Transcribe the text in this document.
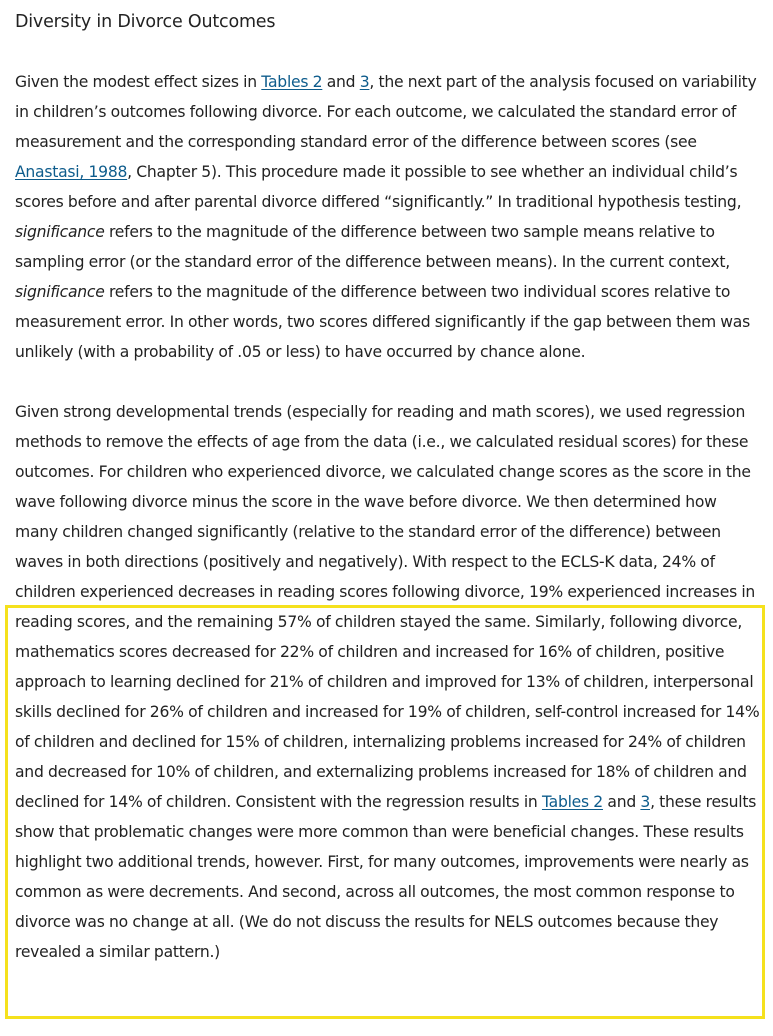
Diversity in Divorce Outcomes

Given the modest effect sizes in Tables 2 and 3, the next part of the analysis focused on variability in children’s outcomes following divorce. For each outcome, we calculated the standard error of measurement and the corresponding standard error of the difference between scores (see Anastasi, 1988, Chapter 5). This procedure made it possible to see whether an individual child’s scores before and after parental divorce differed “significantly.” In traditional hypothesis testing, significance refers to the magnitude of the difference between two sample means relative to sampling error (or the standard error of the difference between means). In the current context, significance refers to the magnitude of the difference between two individual scores relative to measurement error. In other words, two scores differed significantly if the gap between them was unlikely (with a probability of .05 or less) to have occurred by chance alone.

Given strong developmental trends (especially for reading and math scores), we used regression methods to remove the effects of age from the data (i.e., we calculated residual scores) for these outcomes. For children who experienced divorce, we calculated change scores as the score in the wave following divorce minus the score in the wave before divorce. We then determined how many children changed significantly (relative to the standard error of the difference) between waves in both directions (positively and negatively). With respect to the ECLS-K data, 24% of children experienced decreases in reading scores following divorce, 19% experienced increases in reading scores, and the remaining 57% of children stayed the same. Similarly, following divorce, mathematics scores decreased for 22% of children and increased for 16% of children, positive approach to learning declined for 21% of children and improved for 13% of children, interpersonal skills declined for 26% of children and increased for 19% of children, self-control increased for 14% of children and declined for 15% of children, internalizing problems increased for 24% of children and decreased for 10% of children, and externalizing problems increased for 18% of children and declined for 14% of children. Consistent with the regression results in Tables 2 and 3, these results show that problematic changes were more common than were beneficial changes. These results highlight two additional trends, however. First, for many outcomes, improvements were nearly as common as were decrements. And second, across all outcomes, the most common response to divorce was no change at all. (We do not discuss the results for NELS outcomes because they revealed a similar pattern.)
